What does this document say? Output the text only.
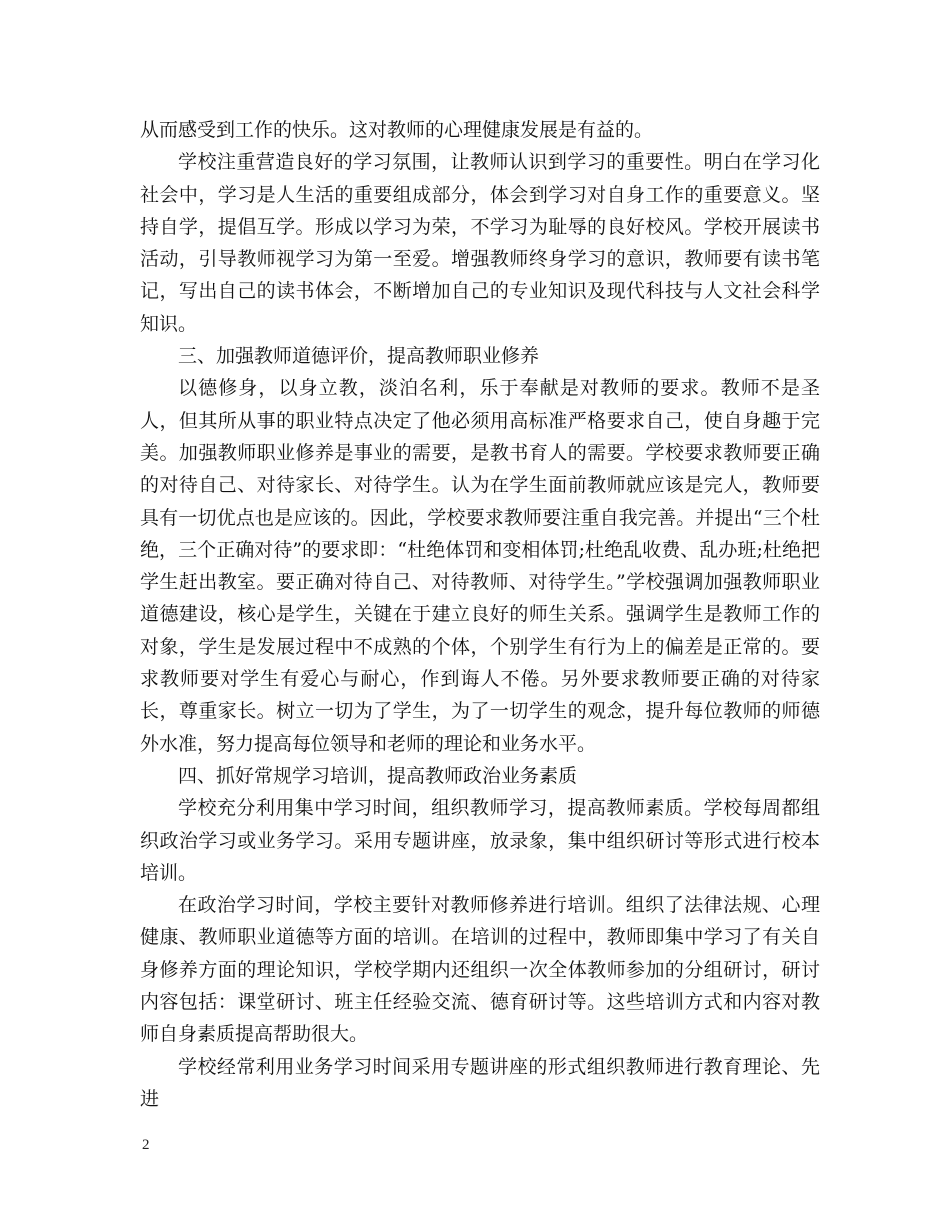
从而感受到工作的快乐。这对教师的心理健康发展是有益的。

学校注重营造良好的学习氛围，让教师认识到学习的重要性。明白在学习化社会中，学习是人生活的重要组成部分，体会到学习对自身工作的重要意义。坚持自学，提倡互学。形成以学习为荣，不学习为耻辱的良好校风。学校开展读书活动，引导教师视学习为第一至爱。增强教师终身学习的意识，教师要有读书笔记，写出自己的读书体会，不断增加自己的专业知识及现代科技与人文社会科学知识。

三、加强教师道德评价，提高教师职业修养

以德修身，以身立教，淡泊名利，乐于奉献是对教师的要求。教师不是圣人，但其所从事的职业特点决定了他必须用高标准严格要求自己，使自身趣于完美。加强教师职业修养是事业的需要，是教书育人的需要。学校要求教师要正确的对待自己、对待家长、对待学生。认为在学生面前教师就应该是完人，教师要具有一切优点也是应该的。因此，学校要求教师要注重自我完善。并提出“三个杜绝，三个正确对待”的要求即：“杜绝体罚和变相体罚;杜绝乱收费、乱办班;杜绝把学生赶出教室。要正确对待自己、对待教师、对待学生。”学校强调加强教师职业道德建设，核心是学生，关键在于建立良好的师生关系。强调学生是教师工作的对象，学生是发展过程中不成熟的个体，个别学生有行为上的偏差是正常的。要求教师要对学生有爱心与耐心，作到诲人不倦。另外要求教师要正确的对待家长，尊重家长。树立一切为了学生，为了一切学生的观念，提升每位教师的师德外水准，努力提高每位领导和老师的理论和业务水平。

四、抓好常规学习培训，提高教师政治业务素质

学校充分利用集中学习时间，组织教师学习，提高教师素质。学校每周都组织政治学习或业务学习。采用专题讲座，放录象，集中组织研讨等形式进行校本培训。

在政治学习时间，学校主要针对教师修养进行培训。组织了法律法规、心理健康、教师职业道德等方面的培训。在培训的过程中，教师即集中学习了有关自身修养方面的理论知识，学校学期内还组织一次全体教师参加的分组研讨，研讨内容包括：课堂研讨、班主任经验交流、德育研讨等。这些培训方式和内容对教师自身素质提高帮助很大。

学校经常利用业务学习时间采用专题讲座的形式组织教师进行教育理论、先进

2
